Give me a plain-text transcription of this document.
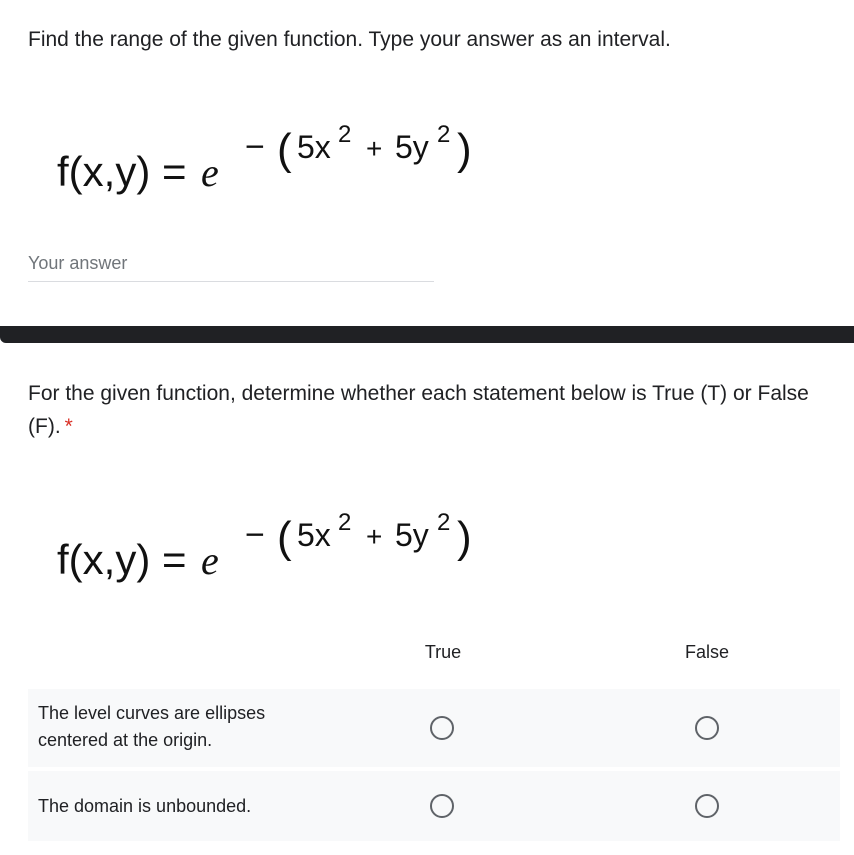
Find the range of the given function. Type your answer as an interval.
f(x,y) = e
− ( 5x 2 + 5y 2 )
Your answer
For the given function, determine whether each statement below is True (T) or False (F). *
f(x,y) = e
− ( 5x 2 + 5y 2 )
True	False
The level curves are ellipses centered at the origin.
The domain is unbounded.
